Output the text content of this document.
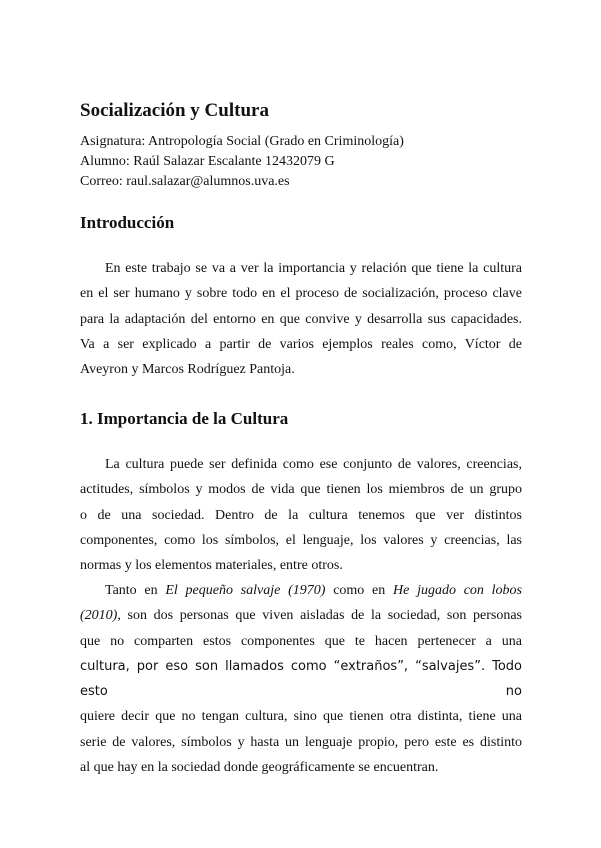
Socialización y Cultura
Asignatura: Antropología Social (Grado en Criminología)
Alumno: Raúl Salazar Escalante 12432079 G
Correo: raul.salazar@alumnos.uva.es
Introducción
En este trabajo se va a ver la importancia y relación que tiene la cultura
en el ser humano y sobre todo en el proceso de socialización, proceso clave
para la adaptación del entorno en que convive y desarrolla sus capacidades.
Va a ser explicado a partir de varios ejemplos reales como, Víctor de
Aveyron y Marcos Rodríguez Pantoja.
1. Importancia de la Cultura
La cultura puede ser definida como ese conjunto de valores, creencias,
actitudes, símbolos y modos de vida que tienen los miembros de un grupo
o de una sociedad. Dentro de la cultura tenemos que ver distintos
componentes, como los símbolos, el lenguaje, los valores y creencias, las
normas y los elementos materiales, entre otros.
Tanto en El pequeño salvaje (1970) como en He jugado con lobos
(2010), son dos personas que viven aisladas de la sociedad, son personas
que no comparten estos componentes que te hacen pertenecer a una
cultura, por eso son llamados como “extraños”, “salvajes”. Todo esto no
quiere decir que no tengan cultura, sino que tienen otra distinta, tiene una
serie de valores, símbolos y hasta un lenguaje propio, pero este es distinto
al que hay en la sociedad donde geográficamente se encuentran.
